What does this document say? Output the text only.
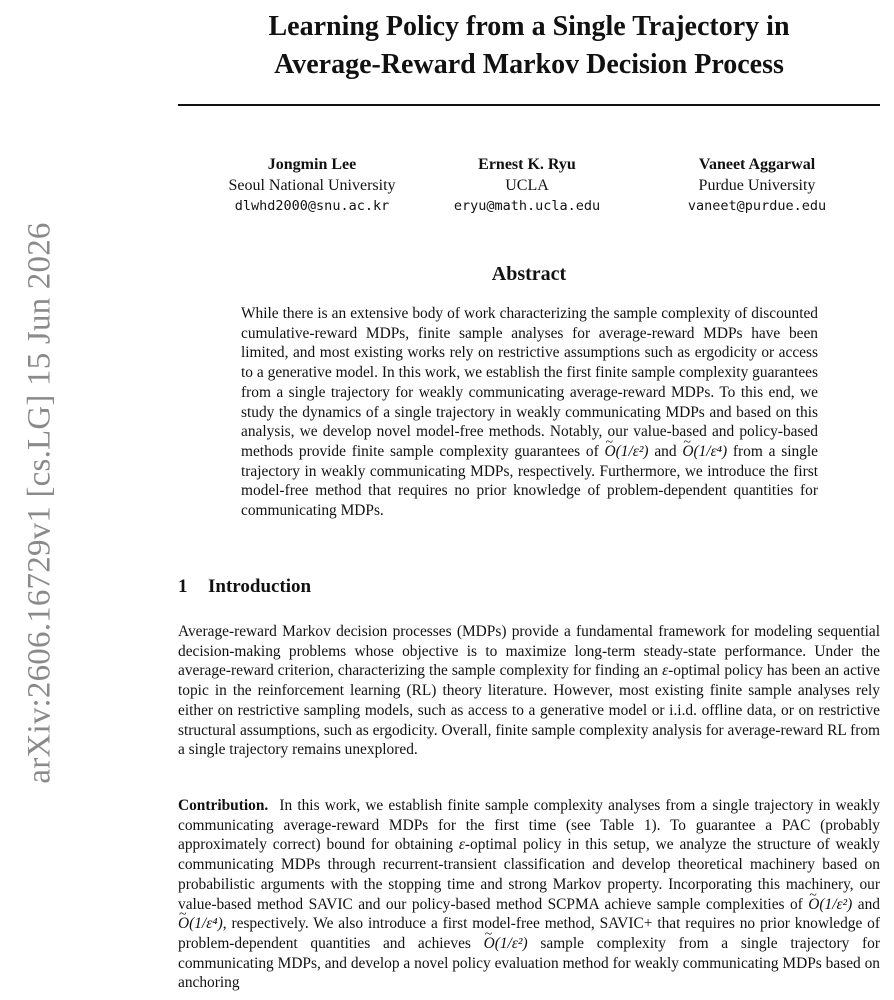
arXiv:2606.16729v1 [cs.LG] 15 Jun 2026
Learning Policy from a Single Trajectory in
Average-Reward Markov Decision Process
Jongmin Lee
Seoul National University
dlwhd2000@snu.ac.kr
Ernest K. Ryu
UCLA
eryu@math.ucla.edu
Vaneet Aggarwal
Purdue University
vaneet@purdue.edu
Abstract
While there is an extensive body of work characterizing the sample complexity of discounted cumulative-reward MDPs, finite sample analyses for average-reward MDPs have been limited, and most existing works rely on restrictive assumptions such as ergodicity or access to a generative model. In this work, we establish the first finite sample complexity guarantees from a single trajectory for weakly communicating average-reward MDPs. To this end, we study the dynamics of a single trajectory in weakly communicating MDPs and based on this analysis, we develop novel model-free methods. Notably, our value-based and policy-based methods provide finite sample complexity guarantees of ~ O(1/ε²) and ~ O(1/ε⁴) from a single trajectory in weakly communicating MDPs, respectively. Furthermore, we introduce the first model-free method that requires no prior knowledge of problem-dependent quantities for communicating MDPs.
1 Introduction
Average-reward Markov decision processes (MDPs) provide a fundamental framework for modeling sequential decision-making problems whose objective is to maximize long-term steady-state performance. Under the average-reward criterion, characterizing the sample complexity for finding an ε-optimal policy has been an active topic in the reinforcement learning (RL) theory literature. However, most existing finite sample analyses rely either on restrictive sampling models, such as access to a generative model or i.i.d. offline data, or on restrictive structural assumptions, such as ergodicity. Overall, finite sample complexity analysis for average-reward RL from a single trajectory remains unexplored.
Contribution. In this work, we establish finite sample complexity analyses from a single trajectory in weakly communicating average-reward MDPs for the first time (see Table 1). To guarantee a PAC (probably approximately correct) bound for obtaining ε-optimal policy in this setup, we analyze the structure of weakly communicating MDPs through recurrent-transient classification and develop theoretical machinery based on probabilistic arguments with the stopping time and strong Markov property. Incorporating this machinery, our value-based method SAVIC and our policy-based method SCPMA achieve sample complexities of ~ O(1/ε²) and ~ O(1/ε⁴), respectively. We also introduce a first model-free method, SAVIC+ that requires no prior knowledge of problem-dependent quantities and achieves ~ O(1/ε²) sample complexity from a single trajectory for communicating MDPs, and develop a novel policy evaluation method for weakly communicating MDPs based on anchoring
